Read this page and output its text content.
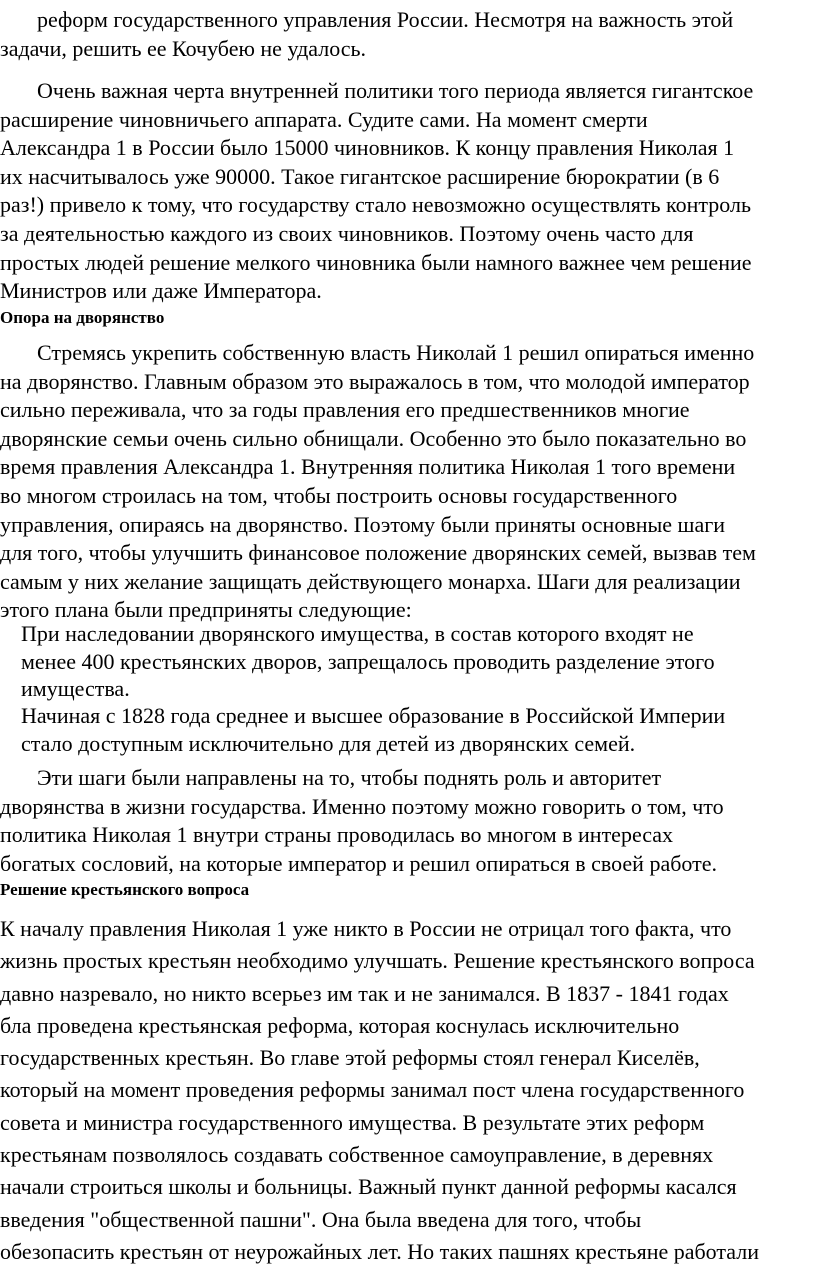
реформ государственного управления России. Несмотря на важность этой
задачи, решить ее Кочубею не удалось.
Очень важная черта внутренней политики того периода является гигантское
расширение чиновничьего аппарата. Судите сами. На момент смерти
Александра 1 в России было 15000 чиновников. К концу правления Николая 1
их насчитывалось уже 90000. Такое гигантское расширение бюрократии (в 6
раз!) привело к тому, что государству стало невозможно осуществлять контроль
за деятельностью каждого из своих чиновников. Поэтому очень часто для
простых людей решение мелкого чиновника были намного важнее чем решение
Министров или даже Императора.
Опора на дворянство
Стремясь укрепить собственную власть Николай 1 решил опираться именно
на дворянство. Главным образом это выражалось в том, что молодой император
сильно переживала, что за годы правления его предшественников многие
дворянские семьи очень сильно обнищали. Особенно это было показательно во
время правления Александра 1. Внутренняя политика Николая 1 того времени
во многом строилась на том, чтобы построить основы государственного
управления, опираясь на дворянство. Поэтому были приняты основные шаги
для того, чтобы улучшить финансовое положение дворянских семей, вызвав тем
самым у них желание защищать действующего монарха. Шаги для реализации
этого плана были предприняты следующие:
При наследовании дворянского имущества, в состав которого входят не
менее 400 крестьянских дворов, запрещалось проводить разделение этого
имущества.
Начиная с 1828 года среднее и высшее образование в Российской Империи
стало доступным исключительно для детей из дворянских семей.
Эти шаги были направлены на то, чтобы поднять роль и авторитет
дворянства в жизни государства. Именно поэтому можно говорить о том, что
политика Николая 1 внутри страны проводилась во многом в интересах
богатых сословий, на которые император и решил опираться в своей работе.
Решение крестьянского вопроса
К началу правления Николая 1 уже никто в России не отрицал того факта, что
жизнь простых крестьян необходимо улучшать. Решение крестьянского вопроса
давно назревало, но никто всерьез им так и не занимался. В 1837 - 1841 годах
бла проведена крестьянская реформа, которая коснулась исключительно
государственных крестьян. Во главе этой реформы стоял генерал Киселёв,
который на момент проведения реформы занимал пост члена государственного
совета и министра государственного имущества. В результате этих реформ
крестьянам позволялось создавать собственное самоуправление, в деревнях
начали строиться школы и больницы. Важный пункт данной реформы касался
введения "общественной пашни". Она была введена для того, чтобы
обезопасить крестьян от неурожайных лет. Но таких пашнях крестьяне работали
